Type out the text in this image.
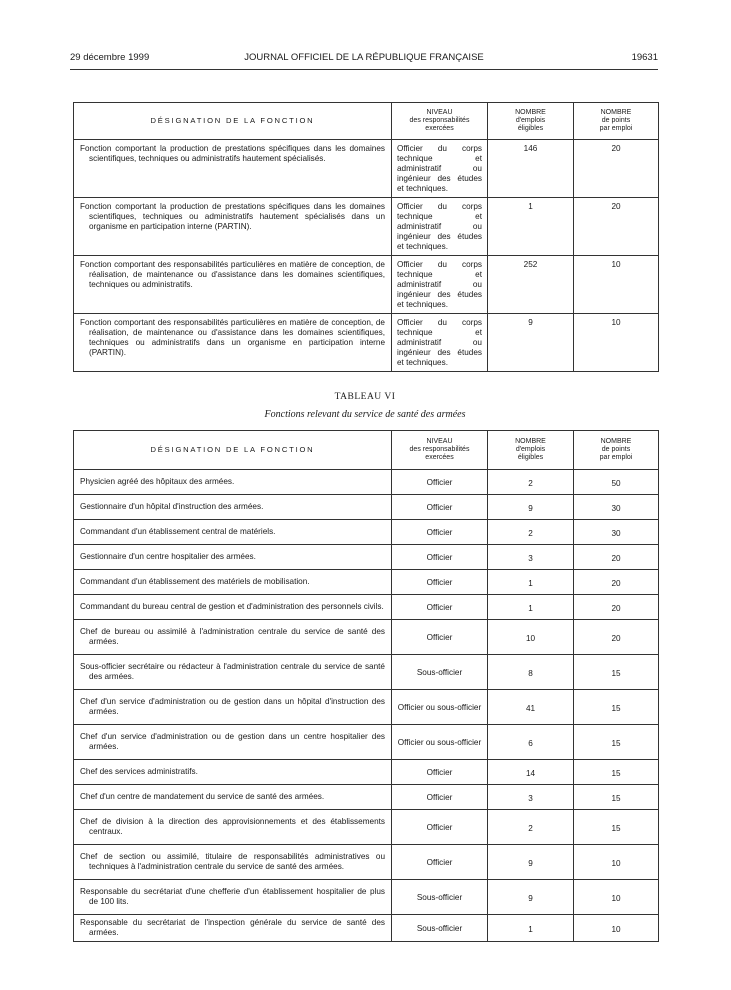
29 décembre 1999	JOURNAL OFFICIEL DE LA RÉPUBLIQUE FRANÇAISE	19631
DÉSIGNATION DE LA FONCTION	NIVEAU
des responsabilités
exercées	NOMBRE
d'emplois
éligibles	NOMBRE
de points
par emploi

Fonction comportant la production de prestations spécifiques dans les domaines scientifiques, techniques ou administratifs hautement spécialisés.	Officier du corps technique et administratif ou ingénieur des études et techniques.	146	20

Fonction comportant la production de prestations spécifiques dans les domaines scientifiques, techniques ou administratifs hautement spécialisés dans un organisme en participation interne (PARTIN).	Officier du corps technique et administratif ou ingénieur des études et techniques.	1	20

Fonction comportant des responsabilités particulières en matière de conception, de réalisation, de maintenance ou d'assistance dans les domaines scientifiques, techniques ou administratifs.	Officier du corps technique et administratif ou ingénieur des études et techniques.	252	10

Fonction comportant des responsabilités particulières en matière de conception, de réalisation, de maintenance ou d'assistance dans les domaines scientifiques, techniques ou administratifs dans un organisme en participation interne (PARTIN).	Officier du corps technique et administratif ou ingénieur des études et techniques.	9	10
TABLEAU VI
Fonctions relevant du service de santé des armées
DÉSIGNATION DE LA FONCTION	NIVEAU
des responsabilités
exercées	NOMBRE
d'emplois
éligibles	NOMBRE
de points
par emploi

Physicien agréé des hôpitaux des armées.	Officier	2	50

Gestionnaire d'un hôpital d'instruction des armées.	Officier	9	30

Commandant d'un établissement central de matériels.	Officier	2	30

Gestionnaire d'un centre hospitalier des armées.	Officier	3	20

Commandant d'un établissement des matériels de mobilisation.	Officier	1	20

Commandant du bureau central de gestion et d'administration des personnels civils.	Officier	1	20

Chef de bureau ou assimilé à l'administration centrale du service de santé des armées.	Officier	10	20

Sous-officier secrétaire ou rédacteur à l'administration centrale du service de santé des armées.	Sous-officier	8	15

Chef d'un service d'administration ou de gestion dans un hôpital d'instruction des armées.	Officier ou sous-officier	41	15

Chef d'un service d'administration ou de gestion dans un centre hospitalier des armées.	Officier ou sous-officier	6	15

Chef des services administratifs.	Officier	14	15

Chef d'un centre de mandatement du service de santé des armées.	Officier	3	15

Chef de division à la direction des approvisionnements et des établissements centraux.	Officier	2	15

Chef de section ou assimilé, titulaire de responsabilités administratives ou techniques à l'administration centrale du service de santé des armées.	Officier	9	10

Responsable du secrétariat d'une chefferie d'un établissement hospitalier de plus de 100 lits.	Sous-officier	9	10

Responsable du secrétariat de l'inspection générale du service de santé des armées.	Sous-officier	1	10
